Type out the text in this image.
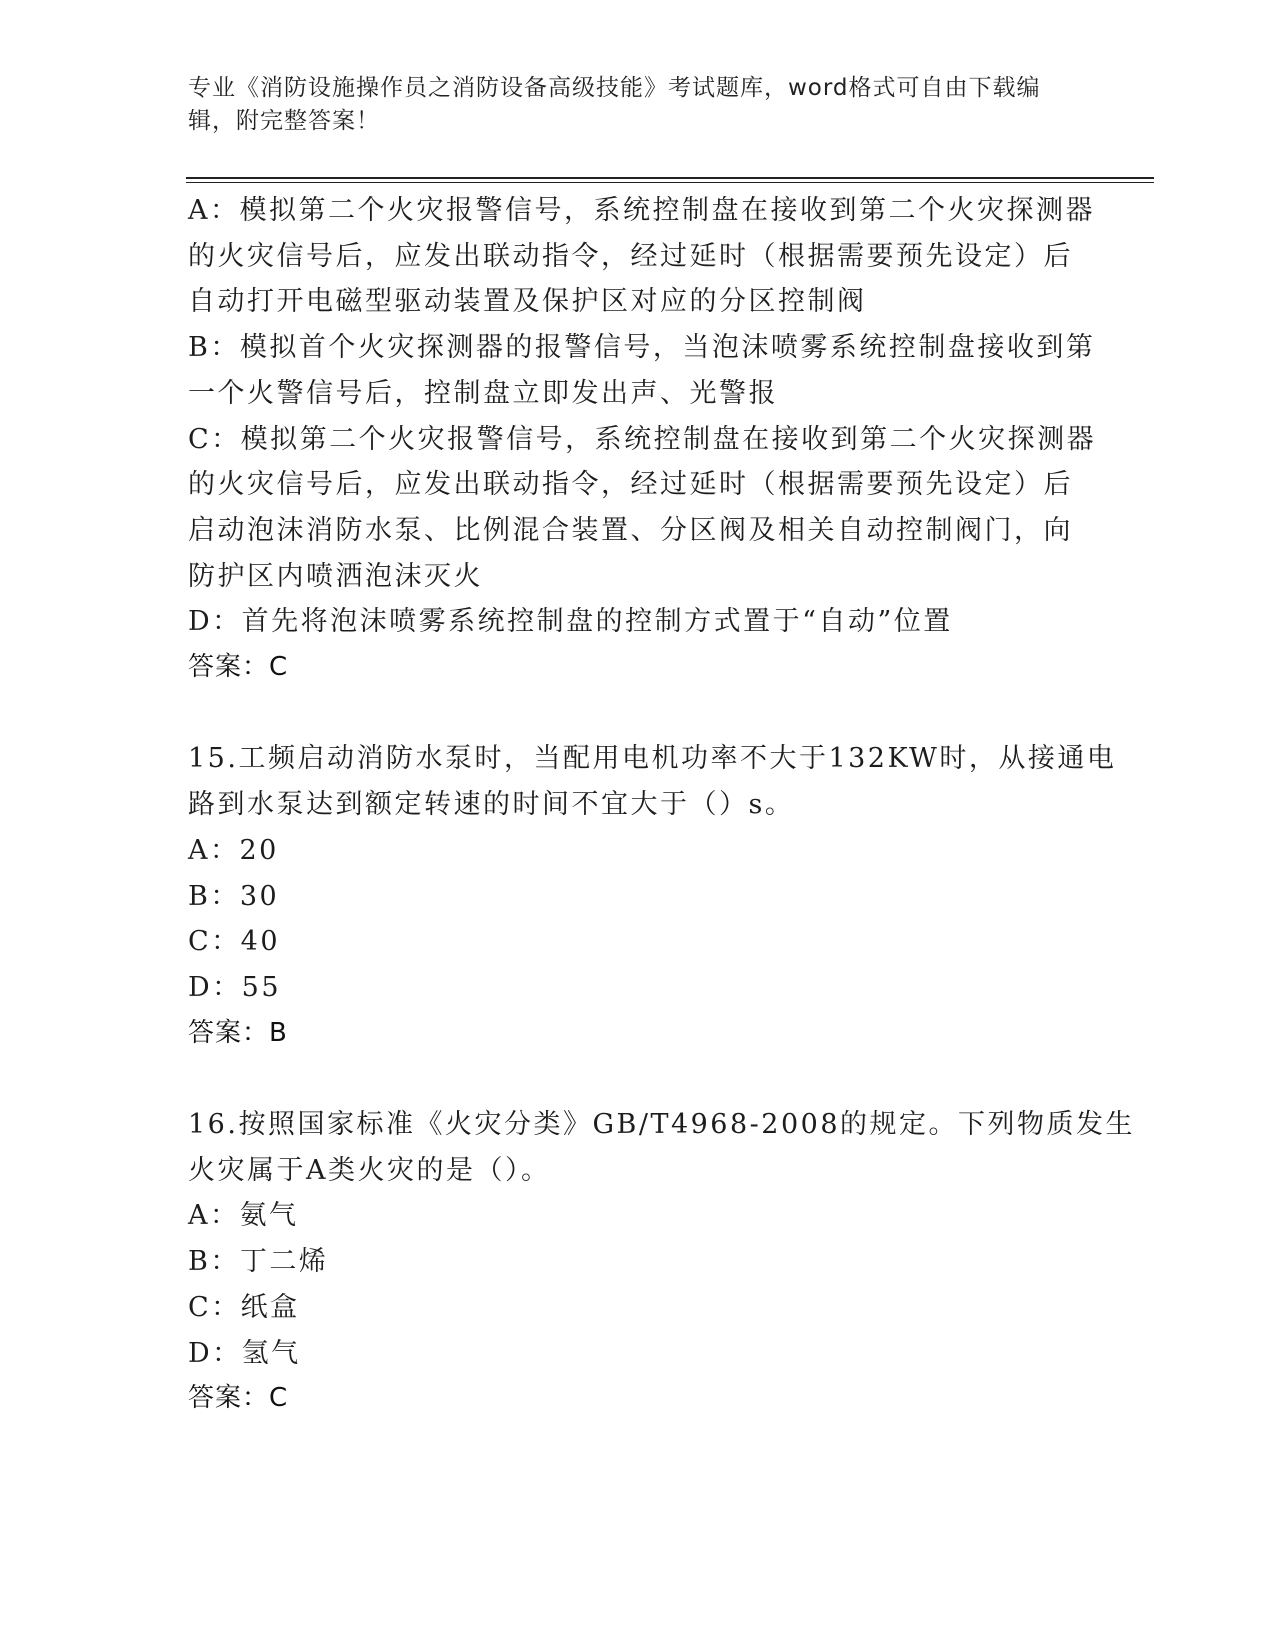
专业《消防设施操作员之消防设备高级技能》考试题库，word格式可自由下载编
辑，附完整答案！
A：模拟第二个火灾报警信号，系统控制盘在接收到第二个火灾探测器
的火灾信号后，应发出联动指令，经过延时（根据需要预先设定）后
自动打开电磁型驱动装置及保护区对应的分区控制阀
B：模拟首个火灾探测器的报警信号，当泡沫喷雾系统控制盘接收到第
一个火警信号后，控制盘立即发出声、光警报
C：模拟第二个火灾报警信号，系统控制盘在接收到第二个火灾探测器
的火灾信号后，应发出联动指令，经过延时（根据需要预先设定）后
启动泡沫消防水泵、比例混合装置、分区阀及相关自动控制阀门，向
防护区内喷洒泡沫灭火
D：首先将泡沫喷雾系统控制盘的控制方式置于“自动”位置
答案：C
15.工频启动消防水泵时，当配用电机功率不大于132KW时，从接通电
路到水泵达到额定转速的时间不宜大于（）s。
A：20
B：30
C：40
D：55
答案：B
16.按照国家标准《火灾分类》GB/T4968-2008的规定。下列物质发生
火灾属于A类火灾的是（）。
A：氨气
B：丁二烯
C：纸盒
D：氢气
答案：C
